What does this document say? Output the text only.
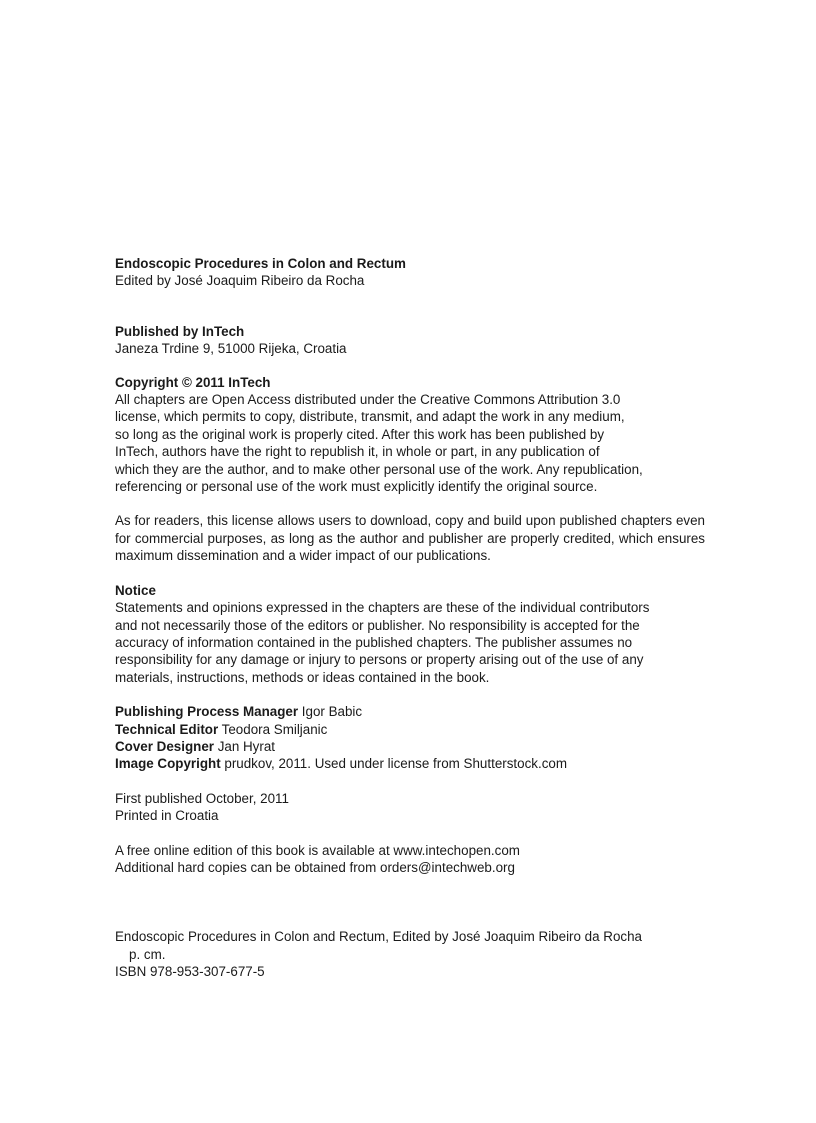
Endoscopic Procedures in Colon and Rectum
Edited by José Joaquim Ribeiro da Rocha
Published by InTech
Janeza Trdine 9, 51000 Rijeka, Croatia
Copyright © 2011 InTech
All chapters are Open Access distributed under the Creative Commons Attribution 3.0
license, which permits to copy, distribute, transmit, and adapt the work in any medium,
so long as the original work is properly cited. After this work has been published by
InTech, authors have the right to republish it, in whole or part, in any publication of
which they are the author, and to make other personal use of the work. Any republication,
referencing or personal use of the work must explicitly identify the original source.

As for readers, this license allows users to download, copy and build upon published chapters even for commercial purposes, as long as the author and publisher are properly credited, which ensures maximum dissemination and a wider impact of our publications.

Notice
Statements and opinions expressed in the chapters are these of the individual contributors
and not necessarily those of the editors or publisher. No responsibility is accepted for the
accuracy of information contained in the published chapters. The publisher assumes no
responsibility for any damage or injury to persons or property arising out of the use of any
materials, instructions, methods or ideas contained in the book.
Publishing Process Manager Igor Babic
Technical Editor Teodora Smiljanic
Cover Designer Jan Hyrat
Image Copyright prudkov, 2011. Used under license from Shutterstock.com
First published October, 2011
Printed in Croatia
A free online edition of this book is available at www.intechopen.com
Additional hard copies can be obtained from orders@intechweb.org
Endoscopic Procedures in Colon and Rectum, Edited by José Joaquim Ribeiro da Rocha
p. cm.
ISBN 978-953-307-677-5
